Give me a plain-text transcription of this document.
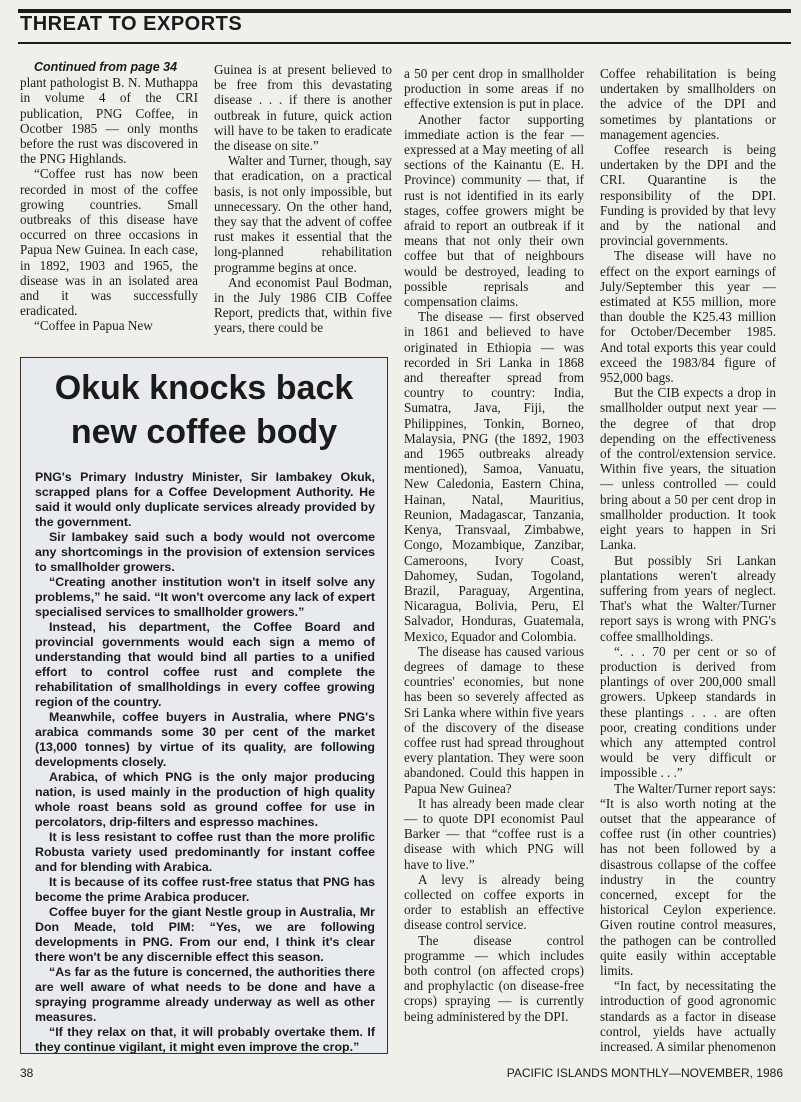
THREAT TO EXPORTS

Continued from page 34

plant pathologist B. N. Muthappa in volume 4 of the CRI publication, PNG Coffee, in Ocotber 1985 — only months before the rust was discovered in the PNG Highlands.

“Coffee rust has now been recorded in most of the coffee growing countries. Small outbreaks of this disease have occurred on three occasions in Papua New Guinea. In each case, in 1892, 1903 and 1965, the disease was in an isolated area and it was successfully eradicated.

“Coffee in Papua New

Guinea is at present believed to be free from this devastating disease . . . if there is another outbreak in future, quick action will have to be taken to eradicate the disease on site.”

Walter and Turner, though, say that eradication, on a practical basis, is not only impossible, but unnecessary. On the other hand, they say that the advent of coffee rust makes it essential that the long-planned rehabilitation programme begins at once.

And economist Paul Bodman, in the July 1986 CIB Coffee Report, predicts that, within five years, there could be

a 50 per cent drop in smallholder production in some areas if no effective extension is put in place.

Another factor supporting immediate action is the fear — expressed at a May meeting of all sections of the Kainantu (E. H. Province) community — that, if rust is not identified in its early stages, coffee growers might be afraid to report an outbreak if it means that not only their own coffee but that of neighbours would be destroyed, leading to possible reprisals and compensation claims.

The disease — first observed in 1861 and believed to have originated in Ethiopia — was recorded in Sri Lanka in 1868 and thereafter spread from country to country: India, Sumatra, Java, Fiji, the Philippines, Tonkin, Borneo, Malaysia, PNG (the 1892, 1903 and 1965 outbreaks already mentioned), Samoa, Vanuatu, New Caledonia, Eastern China, Hainan, Natal, Mauritius, Reunion, Madagascar, Tanzania, Kenya, Transvaal, Zimbabwe, Congo, Mozambique, Zanzibar, Cameroons, Ivory Coast, Dahomey, Sudan, Togoland, Brazil, Paraguay, Argentina, Nicaragua, Bolivia, Peru, El Salvador, Honduras, Guatemala, Mexico, Equador and Colombia.

The disease has caused various degrees of damage to these countries' economies, but none has been so severely affected as Sri Lanka where within five years of the discovery of the disease coffee rust had spread throughout every plantation. They were soon abandoned. Could this happen in Papua New Guinea?

It has already been made clear — to quote DPI economist Paul Barker — that “coffee rust is a disease with which PNG will have to live.”

A levy is already being collected on coffee exports in order to establish an effective disease control service.

The disease control programme — which includes both control (on affected crops) and prophylactic (on disease-free crops) spraying — is currently being administered by the DPI.

Coffee rehabilitation is being undertaken by smallholders on the advice of the DPI and sometimes by plantations or management agencies.

Coffee research is being undertaken by the DPI and the CRI. Quarantine is the responsibility of the DPI. Funding is provided by that levy and by the national and provincial governments.

The disease will have no effect on the export earnings of July/September this year — estimated at K55 million, more than double the K25.43 million for October/December 1985. And total exports this year could exceed the 1983/84 figure of 952,000 bags.

But the CIB expects a drop in smallholder output next year — the degree of that drop depending on the effectiveness of the control/extension service. Within five years, the situation — unless controlled — could bring about a 50 per cent drop in smallholder production. It took eight years to happen in Sri Lanka.

But possibly Sri Lankan plantations weren't already suffering from years of neglect. That's what the Walter/Turner report says is wrong with PNG's coffee smallholdings.

“. . . 70 per cent or so of production is derived from plantings of over 200,000 small growers. Upkeep standards in these plantings . . . are often poor, creating conditions under which any attempted control would be very difficult or impossible . . .”

The Walter/Turner report says: “It is also worth noting at the outset that the appearance of coffee rust (in other countries) has not been followed by a disastrous collapse of the coffee industry in the country concerned, except for the historical Ceylon experience. Given routine control measures, the pathogen can be controlled quite easily within acceptable limits.

“In fact, by necessitating the introduction of good agronomic standards as a factor in disease control, yields have actually increased. A similar phenomenon

Okuk knocks back
new coffee body

PNG's Primary Industry Minister, Sir Iambakey Okuk, scrapped plans for a Coffee Development Authority. He said it would only duplicate services already provided by the government.

Sir Iambakey said such a body would not overcome any shortcomings in the provision of extension services to smallholder growers.

“Creating another institution won't in itself solve any problems,” he said. “It won't overcome any lack of expert specialised services to smallholder growers.”

Instead, his department, the Coffee Board and provincial governments would each sign a memo of understanding that would bind all parties to a unified effort to control coffee rust and complete the rehabilitation of smallholdings in every coffee growing region of the country.

Meanwhile, coffee buyers in Australia, where PNG's arabica commands some 30 per cent of the market (13,000 tonnes) by virtue of its quality, are following developments closely.

Arabica, of which PNG is the only major producing nation, is used mainly in the production of high quality whole roast beans sold as ground coffee for use in percolators, drip-filters and espresso machines.

It is less resistant to coffee rust than the more prolific Robusta variety used predominantly for instant coffee and for blending with Arabica.

It is because of its coffee rust-free status that PNG has become the prime Arabica producer.

Coffee buyer for the giant Nestle group in Australia, Mr Don Meade, told PIM: “Yes, we are following developments in PNG. From our end, I think it's clear there won't be any discernible effect this season.

“As far as the future is concerned, the authorities there are well aware of what needs to be done and have a spraying programme already underway as well as other measures.

“If they relax on that, it will probably overtake them. If they continue vigilant, it might even improve the crop.”

38	PACIFIC ISLANDS MONTHLY—NOVEMBER, 1986
